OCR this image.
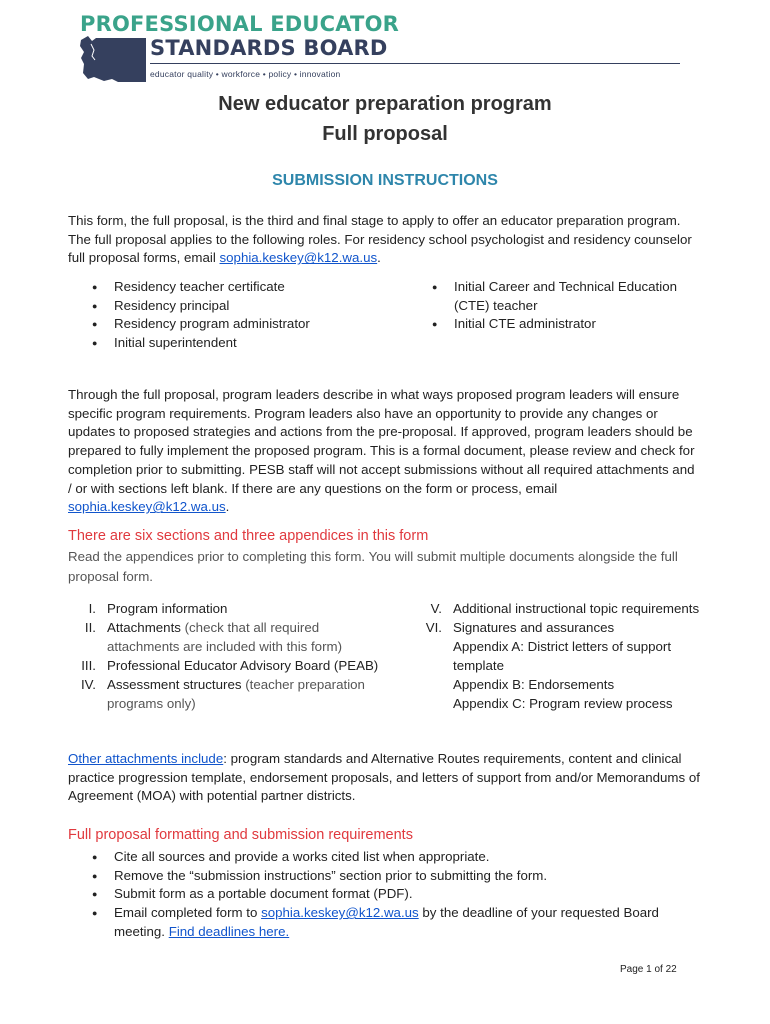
PROFESSIONAL EDUCATOR
STANDARDS BOARD
educator quality • workforce • policy • innovation
New educator preparation program
Full proposal
SUBMISSION INSTRUCTIONS

This form, the full proposal, is the third and final stage to apply to offer an educator preparation program. The full proposal applies to the following roles. For residency school psychologist and residency counselor full proposal forms, email sophia.keskey@k12.wa.us.

● Residency teacher certificate
● Residency principal
● Residency program administrator
● Initial superintendent
● Initial Career and Technical Education (CTE) teacher
● Initial CTE administrator

Through the full proposal, program leaders describe in what ways proposed program leaders will ensure specific program requirements. Program leaders also have an opportunity to provide any changes or updates to proposed strategies and actions from the pre-proposal. If approved, program leaders should be prepared to fully implement the proposed program. This is a formal document, please review and check for completion prior to submitting. PESB staff will not accept submissions without all required attachments and / or with sections left blank. If there are any questions on the form or process, email sophia.keskey@k12.wa.us.

There are six sections and three appendices in this form
Read the appendices prior to completing this form. You will submit multiple documents alongside the full proposal form.
I. Program information
II. Attachments (check that all required attachments are included with this form)
III. Professional Educator Advisory Board (PEAB)
IV. Assessment structures (teacher preparation programs only)
V. Additional instructional topic requirements
VI. Signatures and assurances
Appendix A: District letters of support template
Appendix B: Endorsements
Appendix C: Program review process

Other attachments include: program standards and Alternative Routes requirements, content and clinical practice progression template, endorsement proposals, and letters of support from and/or Memorandums of Agreement (MOA) with potential partner districts.

Full proposal formatting and submission requirements
● Cite all sources and provide a works cited list when appropriate.
● Remove the “submission instructions” section prior to submitting the form.
● Submit form as a portable document format (PDF).
● Email completed form to sophia.keskey@k12.wa.us by the deadline of your requested Board meeting. Find deadlines here.
Page 1 of 22
